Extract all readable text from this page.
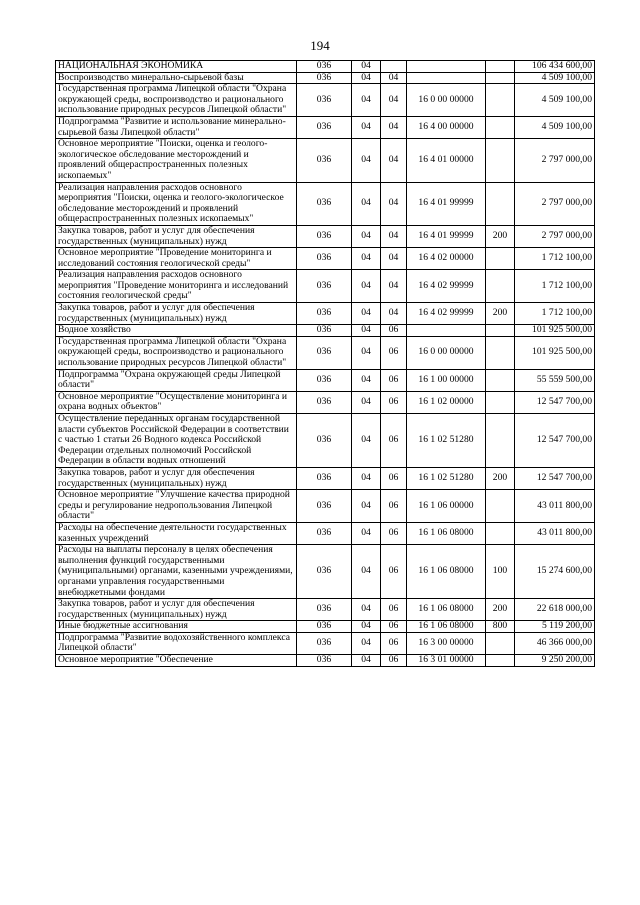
194
НАЦИОНАЛЬНАЯ ЭКОНОМИКА	036	04				106 434 600,00
Воспроизводство минерально-сырьевой базы	036	04	04			4 509 100,00
Государственная программа Липецкой области "Охрана окружающей среды, воспроизводство и рационального использование природных ресурсов Липецкой области"	036	04	04	16 0 00 00000		4 509 100,00
Подпрограмма "Развитие и использование минерально-сырьевой базы Липецкой области"	036	04	04	16 4 00 00000		4 509 100,00
Основное мероприятие "Поиски, оценка и геолого-экологическое обследование месторождений и проявлений общераспространенных полезных ископаемых"	036	04	04	16 4 01 00000		2 797 000,00
Реализация направления расходов основного мероприятия "Поиски, оценка и геолого-экологическое обследование месторождений и проявлений общераспространенных полезных ископаемых"	036	04	04	16 4 01 99999		2 797 000,00
Закупка товаров, работ и услуг для обеспечения государственных (муниципальных) нужд	036	04	04	16 4 01 99999	200	2 797 000,00
Основное мероприятие "Проведение мониторинга и исследований состояния геологической среды"	036	04	04	16 4 02 00000		1 712 100,00
Реализация направления расходов основного мероприятия "Проведение мониторинга и исследований состояния геологической среды"	036	04	04	16 4 02 99999		1 712 100,00
Закупка товаров, работ и услуг для обеспечения государственных (муниципальных) нужд	036	04	04	16 4 02 99999	200	1 712 100,00
Водное хозяйство	036	04	06			101 925 500,00
Государственная программа Липецкой области "Охрана окружающей среды, воспроизводство и рационального использование природных ресурсов Липецкой области"	036	04	06	16 0 00 00000		101 925 500,00
Подпрограмма "Охрана окружающей среды Липецкой области"	036	04	06	16 1 00 00000		55 559 500,00
Основное мероприятие "Осуществление мониторинга и охрана водных объектов"	036	04	06	16 1 02 00000		12 547 700,00
Осуществление переданных органам государственной власти субъектов Российской Федерации в соответствии с частью 1 статьи 26 Водного кодекса Российской Федерации отдельных полномочий Российской Федерации в области водных отношений	036	04	06	16 1 02 51280		12 547 700,00
Закупка товаров, работ и услуг для обеспечения государственных (муниципальных) нужд	036	04	06	16 1 02 51280	200	12 547 700,00
Основное мероприятие "Улучшение качества природной среды и регулирование недропользования Липецкой области"	036	04	06	16 1 06 00000		43 011 800,00
Расходы на обеспечение деятельности государственных казенных учреждений	036	04	06	16 1 06 08000		43 011 800,00
Расходы на выплаты персоналу в целях обеспечения выполнения функций государственными (муниципальными) органами, казенными учреждениями, органами управления государственными внебюджетными фондами	036	04	06	16 1 06 08000	100	15 274 600,00
Закупка товаров, работ и услуг для обеспечения государственных (муниципальных) нужд	036	04	06	16 1 06 08000	200	22 618 000,00
Иные бюджетные ассигнования	036	04	06	16 1 06 08000	800	5 119 200,00
Подпрограмма "Развитие водохозяйственного комплекса Липецкой области"	036	04	06	16 3 00 00000		46 366 000,00
Основное мероприятие "Обеспечение	036	04	06	16 3 01 00000		9 250 200,00
